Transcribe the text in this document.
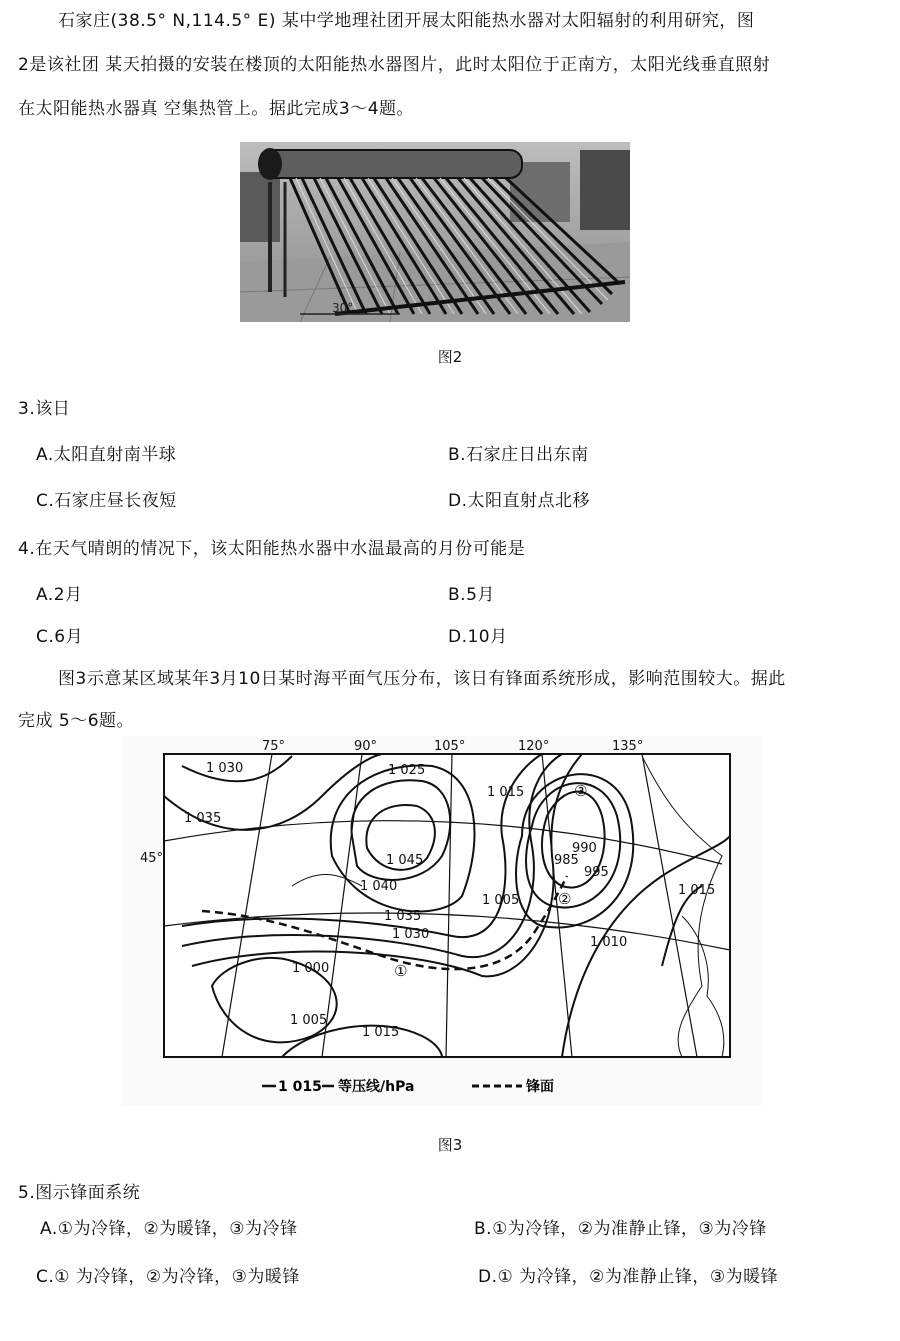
石家庄(38.5° N,114.5° E) 某中学地理社团开展太阳能热水器对太阳辐射的利用研究，图
2是该社团 某天拍摄的安装在楼顶的太阳能热水器图片，此时太阳位于正南方，太阳光线垂直照射
在太阳能热水器真 空集热管上。据此完成3～4题。
30°
图2
3.该日
A.太阳直射南半球	B.石家庄日出东南
C.石家庄昼长夜短	D.太阳直射点北移
4.在天气晴朗的情况下，该太阳能热水器中水温最高的月份可能是
A.2月	B.5月
C.6月	D.10月
图3示意某区域某年3月10日某时海平面气压分布，该日有锋面系统形成，影响范围较大。据此
完成 5～6题。
75°	90°	105°	120°	135°
45°
1 030
1 035
1 025
1 045
1 040
1 035
1 030
1 000
1 005
1 015
1 005
1 015
985
990
995
1 010
1 015
①
②
③
1 015 等压线/hPa	锋面
图3
5.图示锋面系统
A.①为冷锋，②为暖锋，③为冷锋	B.①为冷锋，②为准静止锋，③为冷锋
C.① 为冷锋，②为冷锋，③为暖锋	D.① 为冷锋，②为准静止锋，③为暖锋
